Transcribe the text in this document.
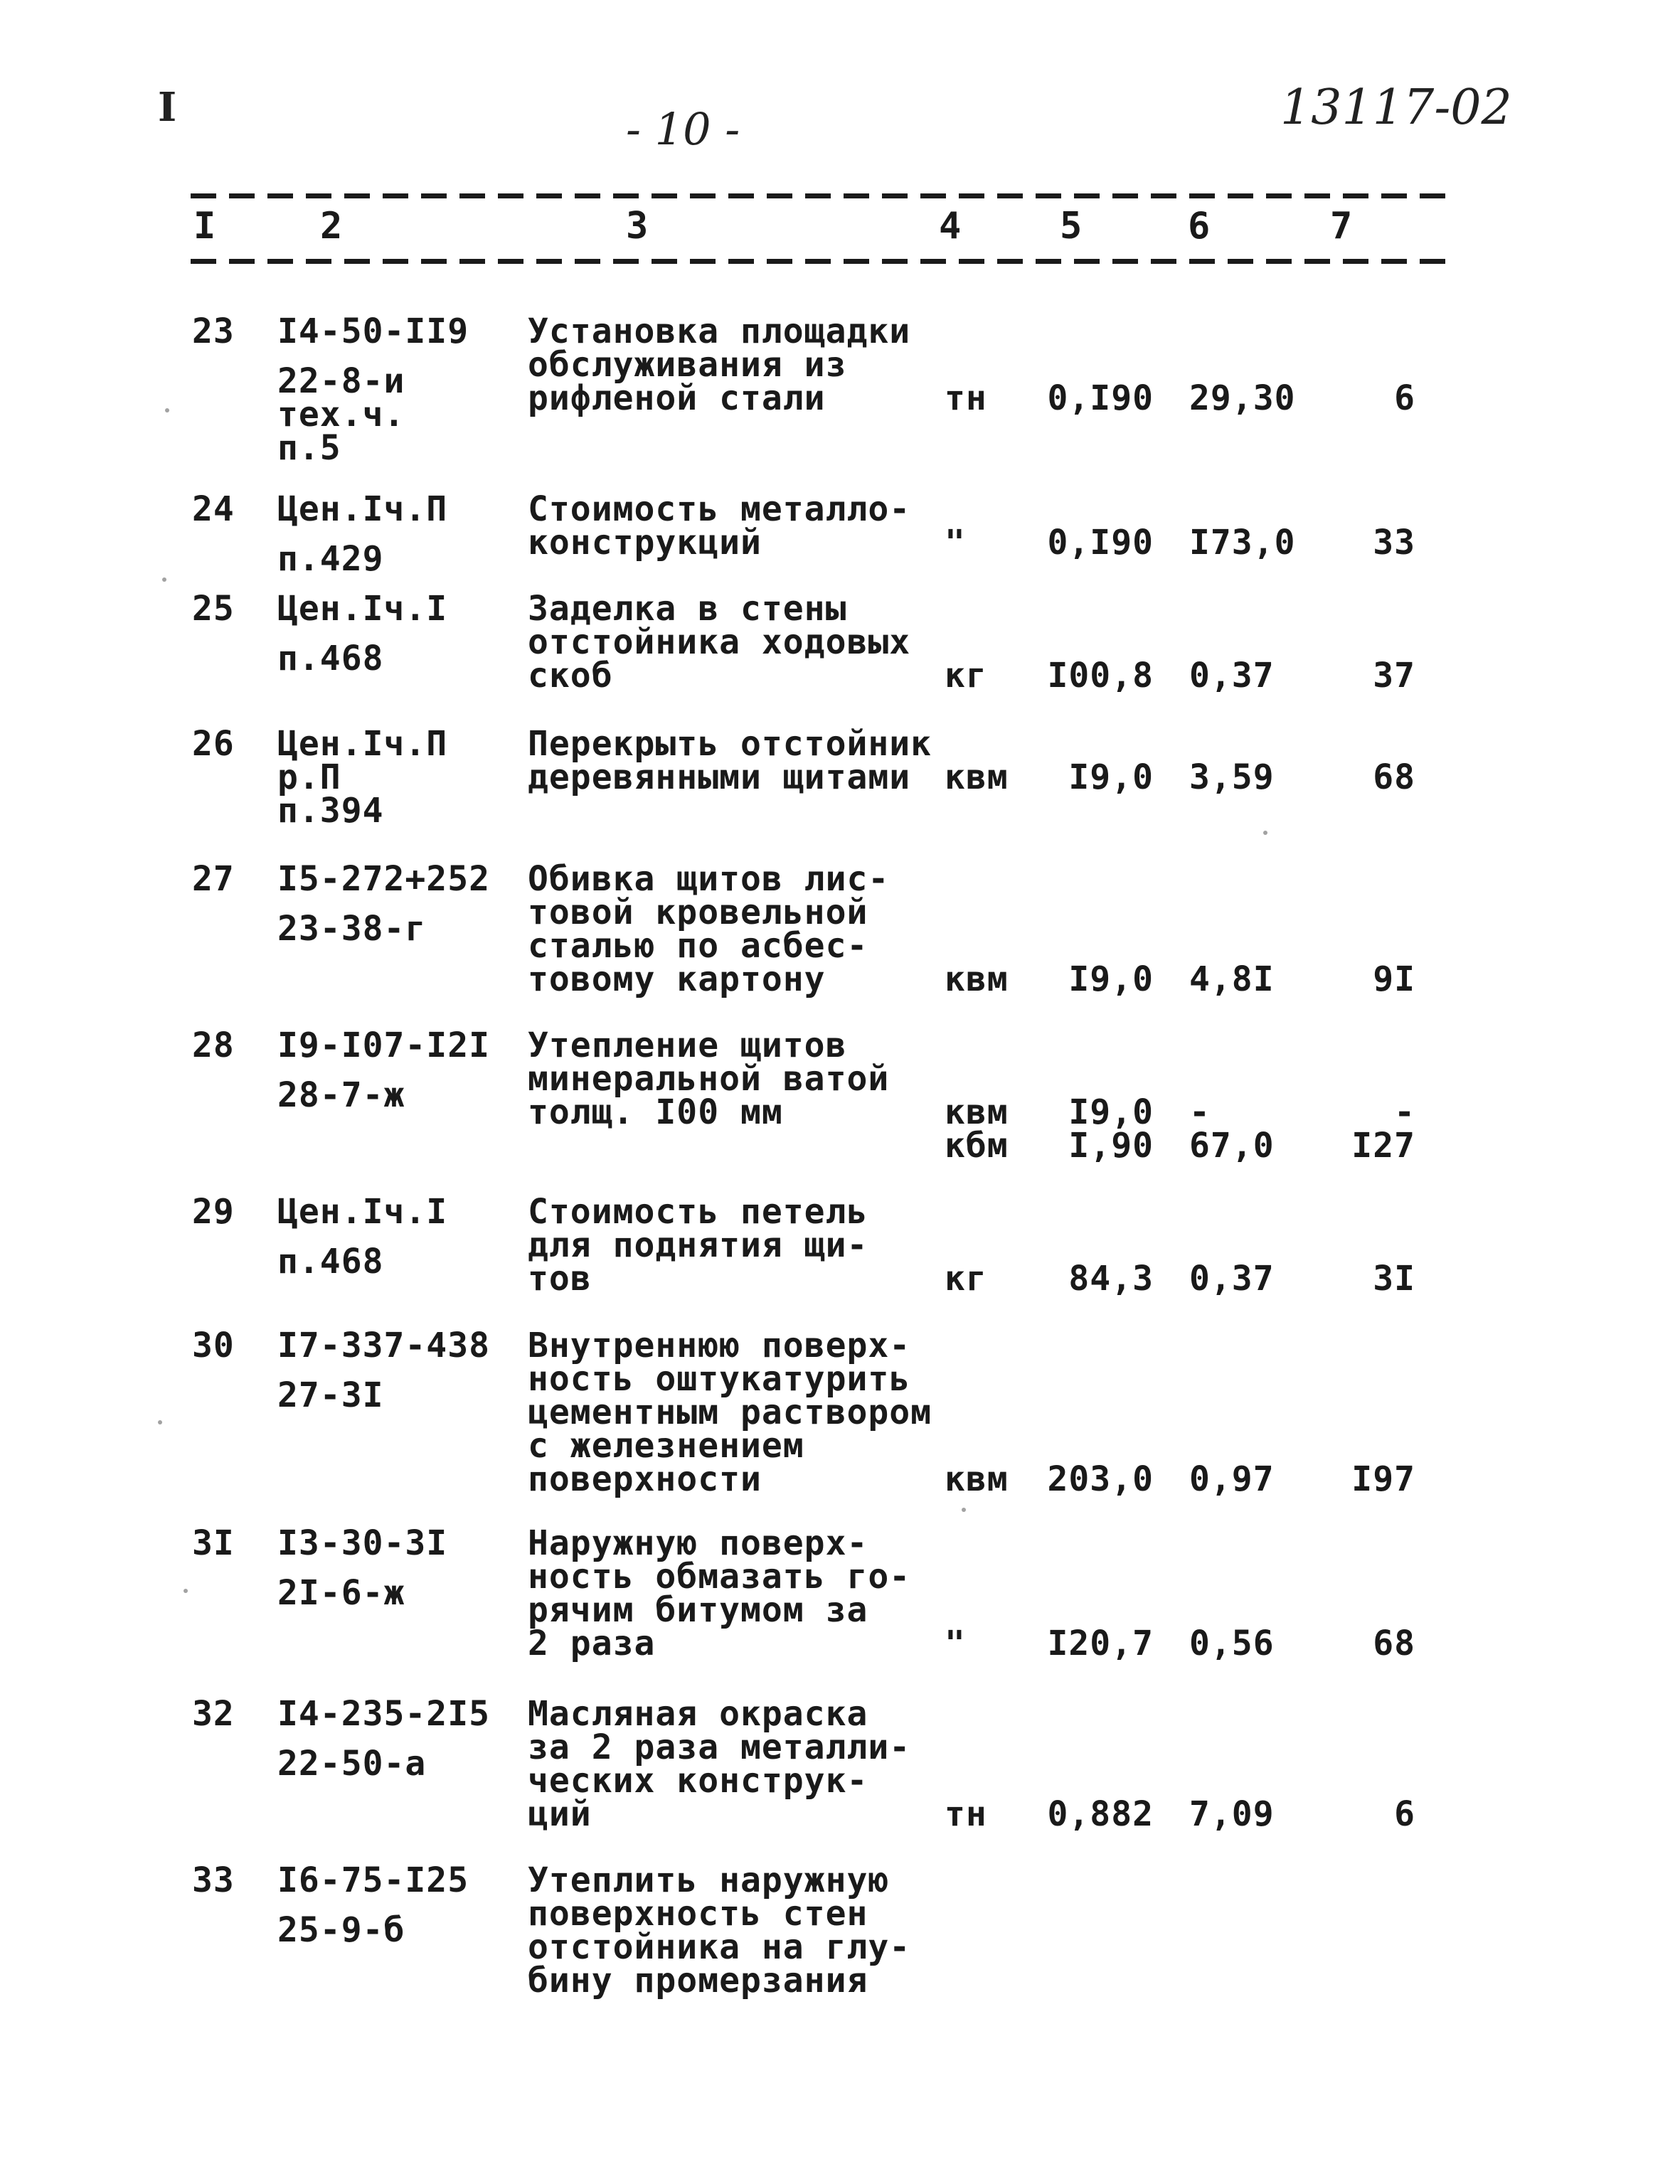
I	- 10 -	13117-02
I	2	3	4	5	6	7
23 I4-50-II9
22-8-и
тех.ч.
п.5
Установка площадки
обслуживания из
рифленой стали	тн 0,I90 29,30	6
24 Цен.Iч.П
п.429
Стоимость металло-
конструкций	" 0,I90 I73,0	33
25 Цен.Iч.I
п.468
Заделка в стены
отстойника ходовых
скоб	кг I00,8 0,37	37
26 Цен.Iч.П
р.П
п.394
Перекрыть отстойник
деревянными щитами квм	I9,0 3,59	68
27 I5-272+252
23-38-г
Обивка щитов лис-
товой кровельной
сталью по асбес-
товому картону	квм	I9,0 4,8I	9I
28 I9-I07-I2I
28-7-ж
Утепление щитов
минеральной ватой
толщ. I00 мм	квм	I9,0 -	-
кбм	I,90 67,0	I27
29 Цен.Iч.I
п.468
Стоимость петель
для поднятия щи-
тов	кг	84,3 0,37	3I
30 I7-337-438
27-3I
Внутреннюю поверх-
ность оштукатурить
цементным раствором
с железнением
поверхности	квм 203,0 0,97	I97
3I I3-30-3I
2I-6-ж
Наружную поверх-
ность обмазать го-
рячим битумом за
2 раза	" I20,7 0,56	68
32 I4-235-2I5
22-50-а
Масляная окраска
за 2 раза металли-
ческих конструк-
ций	тн 0,882 7,09	6
33 I6-75-I25
25-9-б
Утеплить наружную
поверхность стен
отстойника на глу-
бину промерзания
